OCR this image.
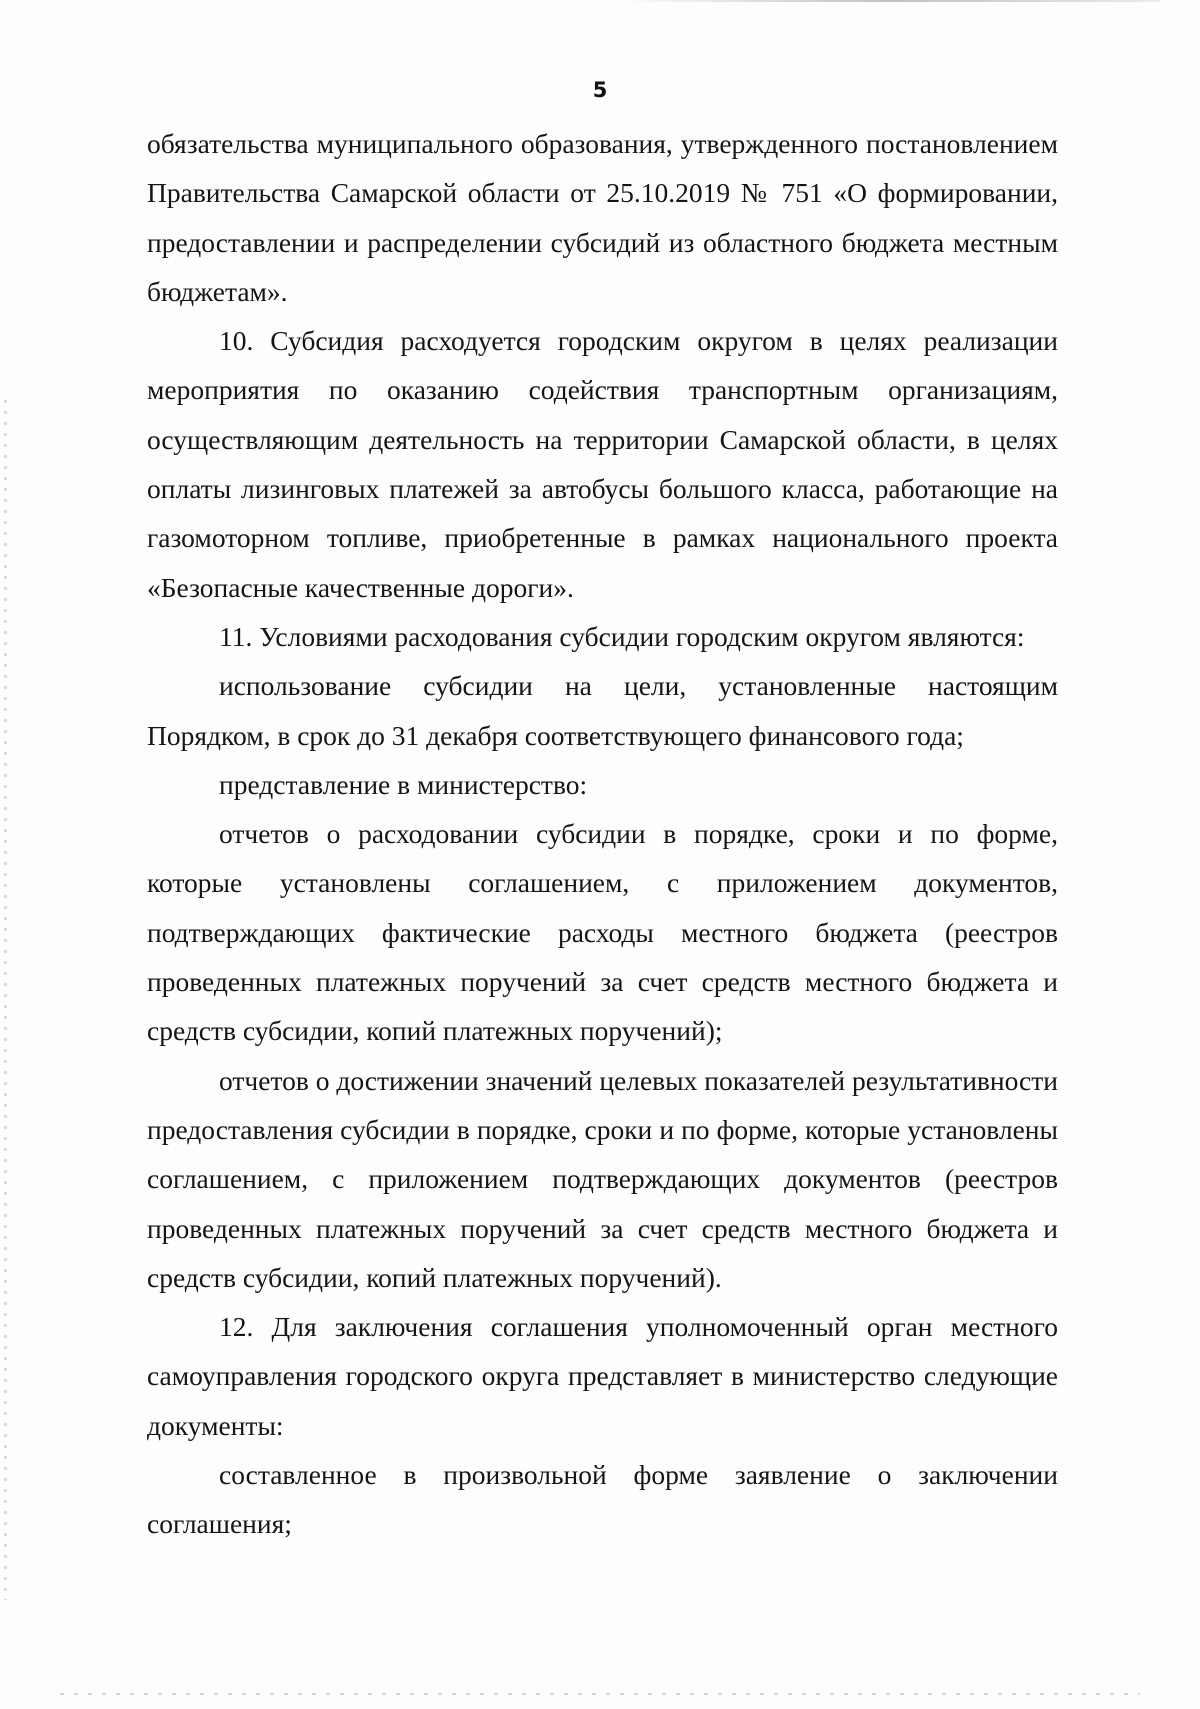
5

обязательства муниципального образования, утвержденного постановлением Правительства Самарской области от 25.10.2019 № 751 «О формировании, предоставлении и распределении субсидий из областного бюджета местным бюджетам».

10. Субсидия расходуется городским округом в целях реализации мероприятия по оказанию содействия транспортным организациям, осуществляющим деятельность на территории Самарской области, в целях оплаты лизинговых платежей за автобусы большого класса, работающие на газомоторном топливе, приобретенные в рамках национального проекта «Безопасные качественные дороги».

11. Условиями расходования субсидии городским округом являются:

использование субсидии на цели, установленные настоящим Порядком, в срок до 31 декабря соответствующего финансового года;

представление в министерство:

отчетов о расходовании субсидии в порядке, сроки и по форме, которые установлены соглашением, с приложением документов, подтверждающих фактические расходы местного бюджета (реестров проведенных платежных поручений за счет средств местного бюджета и средств субсидии, копий платежных поручений);

отчетов о достижении значений целевых показателей результативности предоставления субсидии в порядке, сроки и по форме, которые установлены соглашением, с приложением подтверждающих документов (реестров проведенных платежных поручений за счет средств местного бюджета и средств субсидии, копий платежных поручений).

12. Для заключения соглашения уполномоченный орган местного самоуправления городского округа представляет в министерство следующие документы:

составленное в произвольной форме заявление о заключении соглашения;
